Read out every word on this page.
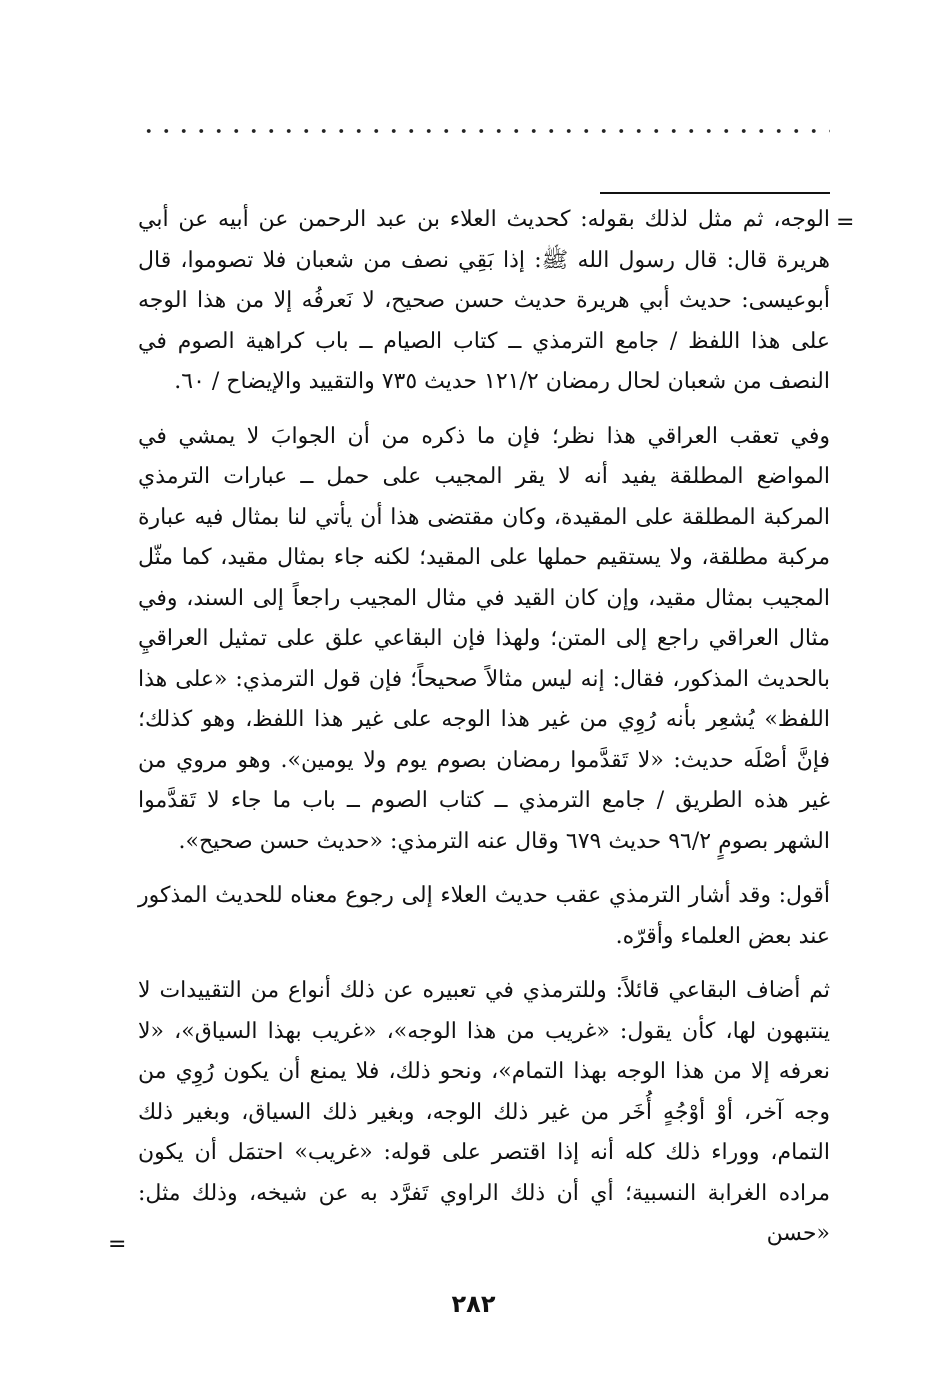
=

الوجه، ثم مثل لذلك بقوله: كحديث العلاء بن عبد الرحمن عن أبيه عن أبي هريرة قال: قال رسول الله ﷺ: إذا بَقِي نصف من شعبان فلا تصوموا، قال أبوعيسى: حديث أبي هريرة حديث حسن صحيح، لا نَعرفُه إلا من هذا الوجه على هذا اللفظ / جامع الترمذي ــ كتاب الصيام ــ باب كراهية الصوم في النصف من شعبان لحال رمضان ١٢١/٢ حديث ٧٣٥ والتقييد والإيضاح / ٦٠.

وفي تعقب العراقي هذا نظر؛ فإن ما ذكره من أن الجوابَ لا يمشي في المواضع المطلقة يفيد أنه لا يقر المجيب على حمل ــ عبارات الترمذي المركبة المطلقة على المقيدة، وكان مقتضى هذا أن يأتي لنا بمثال فيه عبارة مركبة مطلقة، ولا يستقيم حملها على المقيد؛ لكنه جاء بمثال مقيد، كما مثّل المجيب بمثال مقيد، وإن كان القيد في مثال المجيب راجعاً إلى السند، وفي مثال العراقي راجع إلى المتن؛ ولهذا فإن البقاعي علق على تمثيل العراقيِ بالحديث المذكور، فقال: إنه ليس مثالاً صحيحاً؛ فإن قول الترمذي: «على هذا اللفظ» يُشعِر بأنه رُوِي من غير هذا الوجه على غير هذا اللفظ، وهو كذلك؛ فإنَّ أصْلَه حديث: «لا تَقدَّموا رمضان بصوم يوم ولا يومين». وهو مروي من غير هذه الطريق / جامع الترمذي ــ كتاب الصوم ــ باب ما جاء لا تَقدَّموا الشهر بصومٍ ٩٦/٢ حديث ٦٧٩ وقال عنه الترمذي: «حديث حسن صحيح».

أقول: وقد أشار الترمذي عقب حديث العلاء إلى رجوع معناه للحديث المذكور عند بعض العلماء وأقرّه.

ثم أضاف البقاعي قائلاً: وللترمذي في تعبيره عن ذلك أنواع من التقييدات لا ينتبهون لها، كأن يقول: «غريب من هذا الوجه»، «غريب بهذا السياق»، «لا نعرفه إلا من هذا الوجه بهذا التمام»، ونحو ذلك، فلا يمنع أن يكون رُوِي من وجه آخر، أوْ أوْجُهٍ أُخَر من غير ذلك الوجه، وبغير ذلك السياق، وبغير ذلك التمام، ووراء ذلك كله أنه إذا اقتصر على قوله: «غريب» احتمَل أن يكون مراده الغرابة النسبية؛ أي أن ذلك الراوي تَفرَّد به عن شيخه، وذلك مثل: «حسن

=
٢٨٢
